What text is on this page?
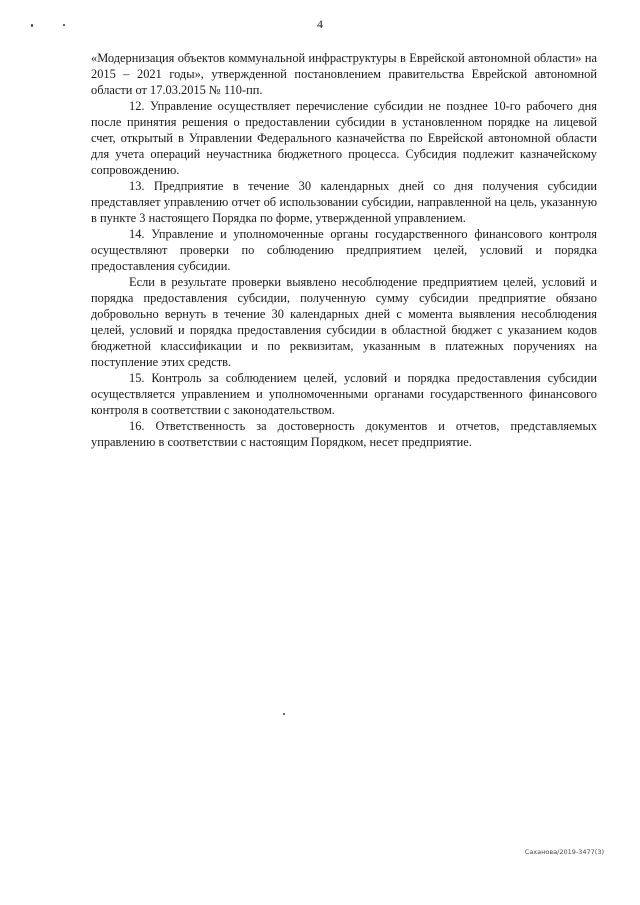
4

«Модернизация объектов коммунальной инфраструктуры в Еврейской автономной области» на 2015 – 2021 годы», утвержденной постановлением правительства Еврейской автономной области от 17.03.2015 № 110-пп.

12. Управление осуществляет перечисление субсидии не позднее 10-го рабочего дня после принятия решения о предоставлении субсидии в установленном порядке на лицевой счет, открытый в Управлении Федерального казначейства по Еврейской автономной области для учета операций неучастника бюджетного процесса. Субсидия подлежит казначейскому сопровождению.

13. Предприятие в течение 30 календарных дней со дня получения субсидии представляет управлению отчет об использовании субсидии, направленной на цель, указанную в пункте 3 настоящего Порядка по форме, утвержденной управлением.

14. Управление и уполномоченные органы государственного финансового контроля осуществляют проверки по соблюдению предприятием целей, условий и порядка предоставления субсидии.

Если в результате проверки выявлено несоблюдение предприятием целей, условий и порядка предоставления субсидии, полученную сумму субсидии предприятие обязано добровольно вернуть в течение 30 календарных дней с момента выявления несоблюдения целей, условий и порядка предоставления субсидии в областной бюджет с указанием кодов бюджетной классификации и по реквизитам, указанным в платежных поручениях на поступление этих средств.

15. Контроль за соблюдением целей, условий и порядка предоставления субсидии осуществляется управлением и уполномоченными органами государственного финансового контроля в соответствии с законодательством.

16. Ответственность за достоверность документов и отчетов, представляемых управлению в соответствии с настоящим Порядком, несет предприятие.

Саханова/2019-3477(3)
